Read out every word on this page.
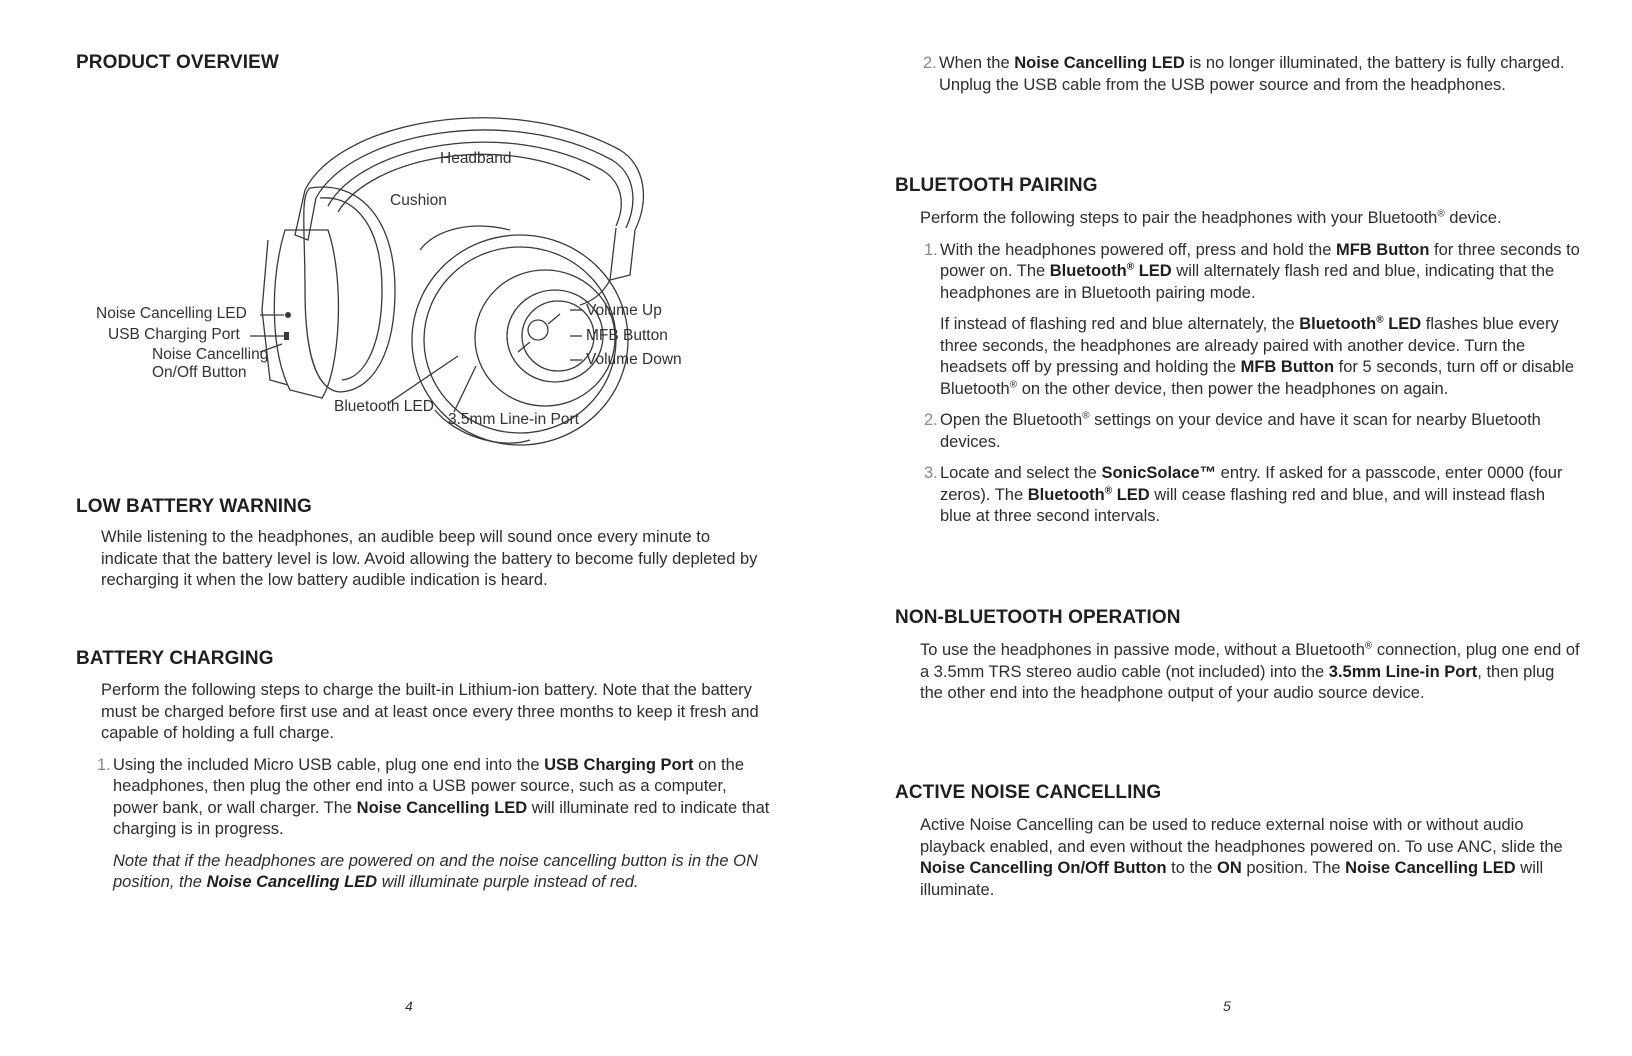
PRODUCT OVERVIEW
Headband
Cushion
Noise Cancelling LED
USB Charging Port
Noise Cancelling
On/Off Button
Bluetooth LED
3.5mm Line-in Port
Volume Up
MFB Button
Volume Down
LOW BATTERY WARNING

While listening to the headphones, an audible beep will sound once every minute to indicate that the battery level is low. Avoid allowing the battery to become fully depleted by recharging it when the low battery audible indication is heard.

BATTERY CHARGING

Perform the following steps to charge the built-in Lithium-ion battery. Note that the battery must be charged before first use and at least once every three months to keep it fresh and capable of holding a full charge.

1. Using the included Micro USB cable, plug one end into the USB Charging Port on the headphones, then plug the other end into a USB power source, such as a computer, power bank, or wall charger. The Noise Cancelling LED will illuminate red to indicate that charging is in progress.
Note that if the headphones are powered on and the noise cancelling button is in the ON position, the Noise Cancelling LED will illuminate purple instead of red.
4
2. When the Noise Cancelling LED is no longer illuminated, the battery is fully charged. Unplug the USB cable from the USB power source and from the headphones.
BLUETOOTH PAIRING

Perform the following steps to pair the headphones with your Bluetooth® device.

1. With the headphones powered off, press and hold the MFB Button for three seconds to power on. The Bluetooth® LED will alternately flash red and blue, indicating that the headphones are in Bluetooth pairing mode.
If instead of flashing red and blue alternately, the Bluetooth® LED flashes blue every three seconds, the headphones are already paired with another device. Turn the headsets off by pressing and holding the MFB Button for 5 seconds, turn off or disable Bluetooth® on the other device, then power the headphones on again.
2. Open the Bluetooth® settings on your device and have it scan for nearby Bluetooth devices.
3. Locate and select the SonicSolace™ entry. If asked for a passcode, enter 0000 (four zeros). The Bluetooth® LED will cease flashing red and blue, and will instead flash blue at three second intervals.
NON-BLUETOOTH OPERATION

To use the headphones in passive mode, without a Bluetooth® connection, plug one end of a 3.5mm TRS stereo audio cable (not included) into the 3.5mm Line-in Port, then plug the other end into the headphone output of your audio source device.

ACTIVE NOISE CANCELLING

Active Noise Cancelling can be used to reduce external noise with or without audio playback enabled, and even without the headphones powered on. To use ANC, slide the Noise Cancelling On/Off Button to the ON position. The Noise Cancelling LED will illuminate.

5
